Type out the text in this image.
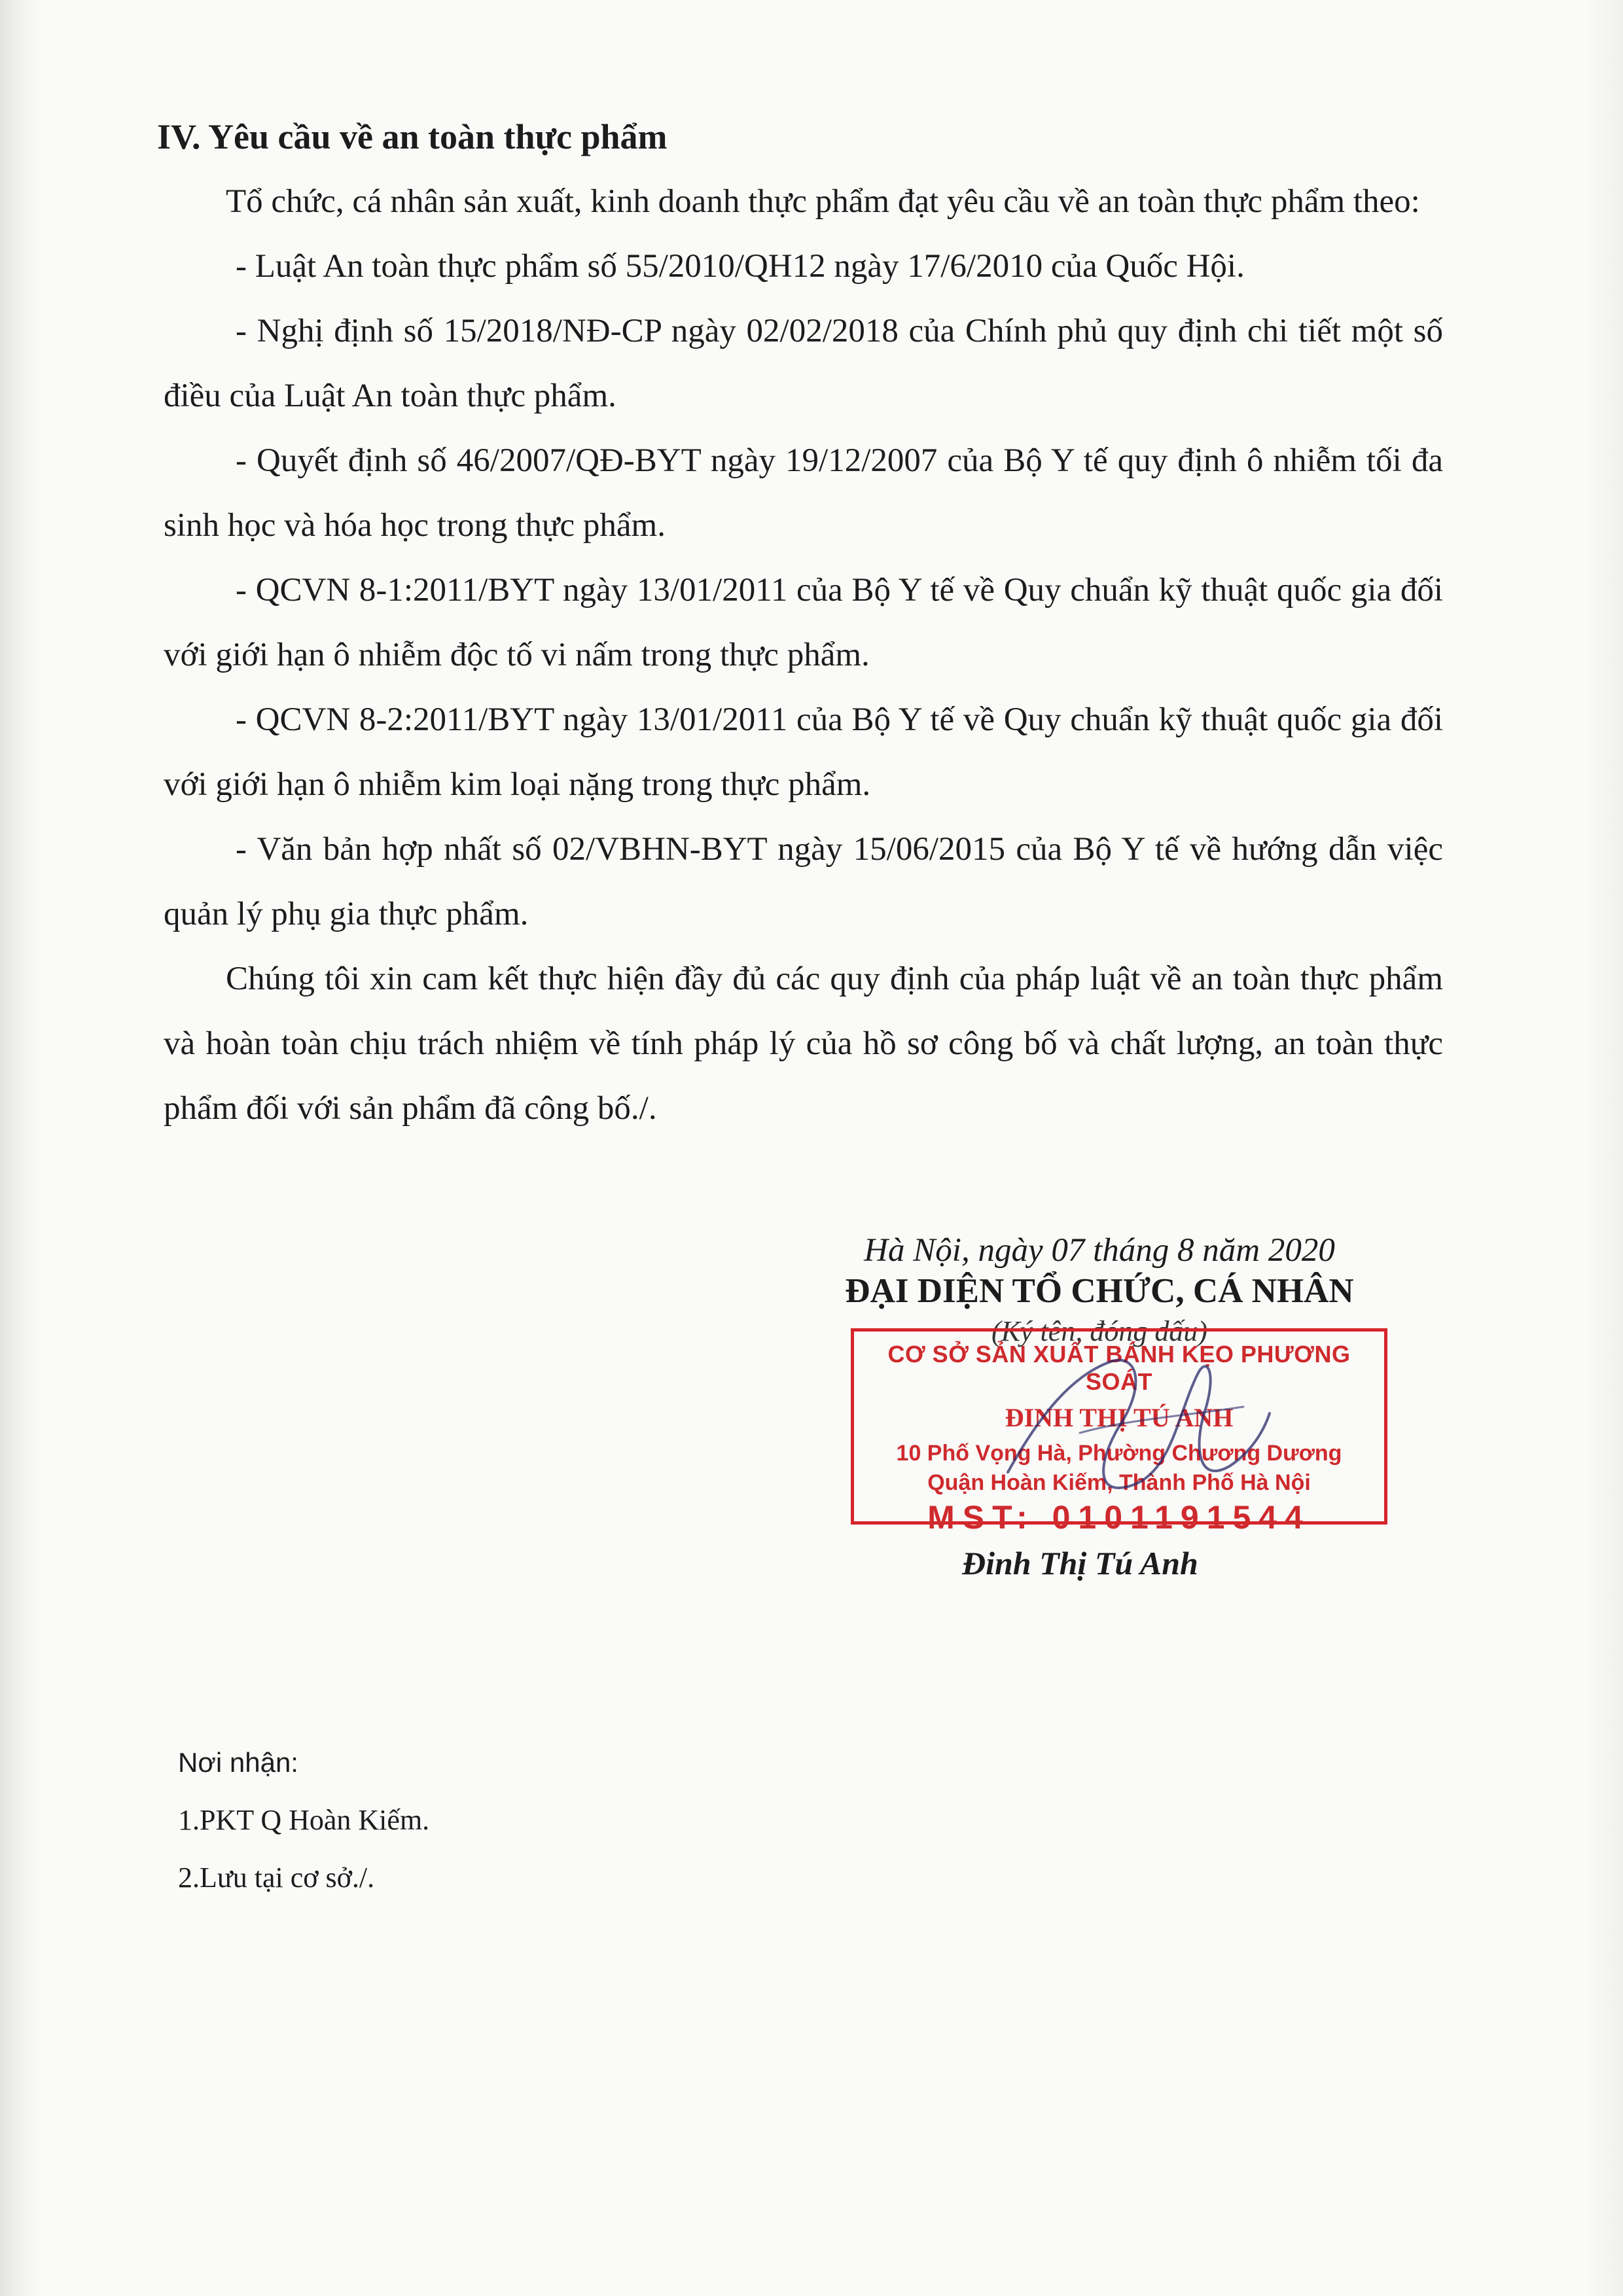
IV. Yêu cầu về an toàn thực phẩm

Tổ chức, cá nhân sản xuất, kinh doanh thực phẩm đạt yêu cầu về an toàn thực phẩm theo:

- Luật An toàn thực phẩm số 55/2010/QH12 ngày 17/6/2010 của Quốc Hội.

- Nghị định số 15/2018/NĐ-CP ngày 02/02/2018 của Chính phủ quy định chi tiết một số điều của Luật An toàn thực phẩm.

- Quyết định số 46/2007/QĐ-BYT ngày 19/12/2007 của Bộ Y tế quy định ô nhiễm tối đa sinh học và hóa học trong thực phẩm.

- QCVN 8-1:2011/BYT ngày 13/01/2011 của Bộ Y tế về Quy chuẩn kỹ thuật quốc gia đối với giới hạn ô nhiễm độc tố vi nấm trong thực phẩm.

- QCVN 8-2:2011/BYT ngày 13/01/2011 của Bộ Y tế về Quy chuẩn kỹ thuật quốc gia đối với giới hạn ô nhiễm kim loại nặng trong thực phẩm.

- Văn bản hợp nhất số 02/VBHN-BYT ngày 15/06/2015 của Bộ Y tế về hướng dẫn việc quản lý phụ gia thực phẩm.

Chúng tôi xin cam kết thực hiện đầy đủ các quy định của pháp luật về an toàn thực phẩm và hoàn toàn chịu trách nhiệm về tính pháp lý của hồ sơ công bố và chất lượng, an toàn thực phẩm đối với sản phẩm đã công bố./.

Hà Nội, ngày 07 tháng 8 năm 2020
ĐẠI DIỆN TỔ CHỨC, CÁ NHÂN
(Ký tên, đóng dấu)
CƠ SỞ SẢN XUẤT BÁNH KẸO PHƯƠNG SOÁT
ĐINH THỊ TÚ ANH
10 Phố Vọng Hà, Phường Chương Dương
Quận Hoàn Kiếm, Thành Phố Hà Nội
MST: 0101191544
Đinh Thị Tú Anh
Nơi nhận:
1.PKT Q Hoàn Kiếm.
2.Lưu tại cơ sở./.
